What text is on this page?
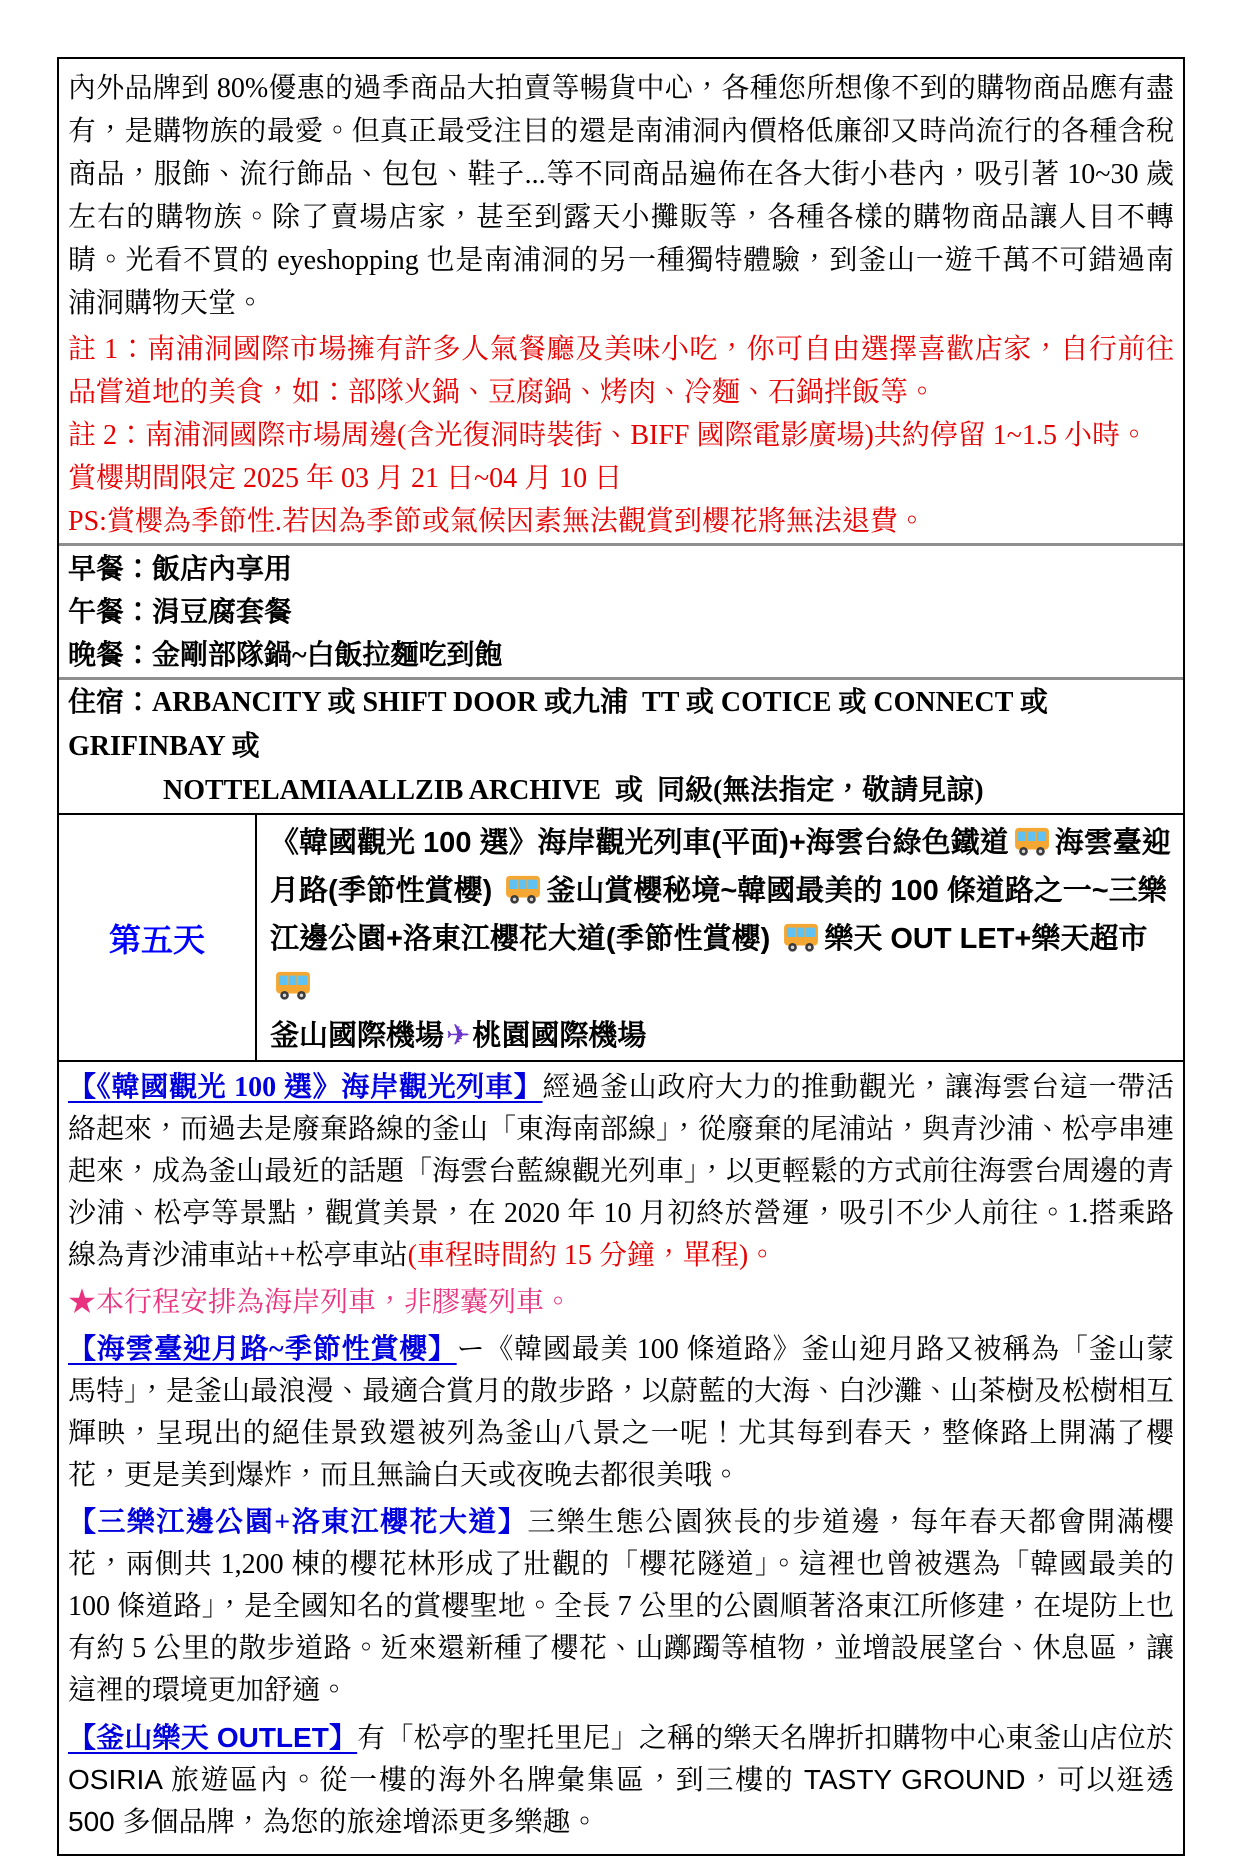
內外品牌到 80%優惠的過季商品大拍賣等暢貨中心，各種您所想像不到的購物商品應有盡有，是購物族的最愛。但真正最受注目的還是南浦洞內價格低廉卻又時尚流行的各種含稅商品，服飾、流行飾品、包包、鞋子...等不同商品遍佈在各大街小巷內，吸引著 10~30 歲左右的購物族。除了賣場店家，甚至到露天小攤販等，各種各樣的購物商品讓人目不轉睛。光看不買的 eyeshopping 也是南浦洞的另一種獨特體驗，到釜山一遊千萬不可錯過南浦洞購物天堂。
註 1：南浦洞國際市場擁有許多人氣餐廳及美味小吃，你可自由選擇喜歡店家，自行前往品嘗道地的美食，如：部隊火鍋、豆腐鍋、烤肉、冷麵、石鍋拌飯等。
註 2：南浦洞國際市場周邊(含光復洞時裝街、BIFF 國際電影廣場)共約停留 1~1.5 小時。
賞櫻期間限定 2025 年 03 月 21 日~04 月 10 日
PS:賞櫻為季節性.若因為季節或氣候因素無法觀賞到櫻花將無法退費。
早餐：飯店內享用
午餐：涓豆腐套餐
晚餐：金剛部隊鍋~白飯拉麵吃到飽
住宿：ARBANCITY 或 SHIFT DOOR 或九浦  TT 或 COTICE 或 CONNECT 或 GRIFINBAY 或
NOTTELAMIAALLZIB ARCHIVE  或  同級(無法指定，敬請見諒)
第五天
《韓國觀光 100 選》海岸觀光列車(平面)+海雲台綠色鐵道 海雲臺迎
月路(季節性賞櫻) 釜山賞櫻秘境~韓國最美的 100 條道路之一~三樂
江邊公園+洛東江櫻花大道(季節性賞櫻) 樂天 OUT LET+樂天超市
釜山國際機場✈桃園國際機場

【《韓國觀光 100 選》海岸觀光列車】經過釜山政府大力的推動觀光，讓海雲台這一帶活絡起來，而過去是廢棄路線的釜山「東海南部線」，從廢棄的尾浦站，與青沙浦、松亭串連起來，成為釜山最近的話題「海雲台藍線觀光列車」，以更輕鬆的方式前往海雲台周邊的青沙浦、松亭等景點，觀賞美景，在 2020 年 10 月初終於營運，吸引不少人前往。1.搭乘路線為青沙浦車站++松亭車站(車程時間約 15 分鐘，單程)。

★本行程安排為海岸列車，非膠囊列車。

【海雲臺迎月路~季節性賞櫻】ー《韓國最美 100 條道路》釜山迎月路又被稱為「釜山蒙馬特」，是釜山最浪漫、最適合賞月的散步路，以蔚藍的大海、白沙灘、山茶樹及松樹相互輝映，呈現出的絕佳景致還被列為釜山八景之一呢！尤其每到春天，整條路上開滿了櫻花，更是美到爆炸，而且無論白天或夜晚去都很美哦。

【三樂江邊公園+洛東江櫻花大道】三樂生態公園狹長的步道邊，每年春天都會開滿櫻花，兩側共 1,200 棟的櫻花林形成了壯觀的「櫻花隧道」。這裡也曾被選為「韓國最美的 100 條道路」，是全國知名的賞櫻聖地。全長 7 公里的公園順著洛東江所修建，在堤防上也有約 5 公里的散步道路。近來還新種了櫻花、山躑躅等植物，並增設展望台、休息區，讓這裡的環境更加舒適。

【釜山樂天 OUTLET】有「松亭的聖托里尼」之稱的樂天名牌折扣購物中心東釜山店位於 OSIRIA 旅遊區內。從一樓的海外名牌彙集區，到三樓的 TASTY GROUND，可以逛透 500 多個品牌，為您的旅途增添更多樂趣。
